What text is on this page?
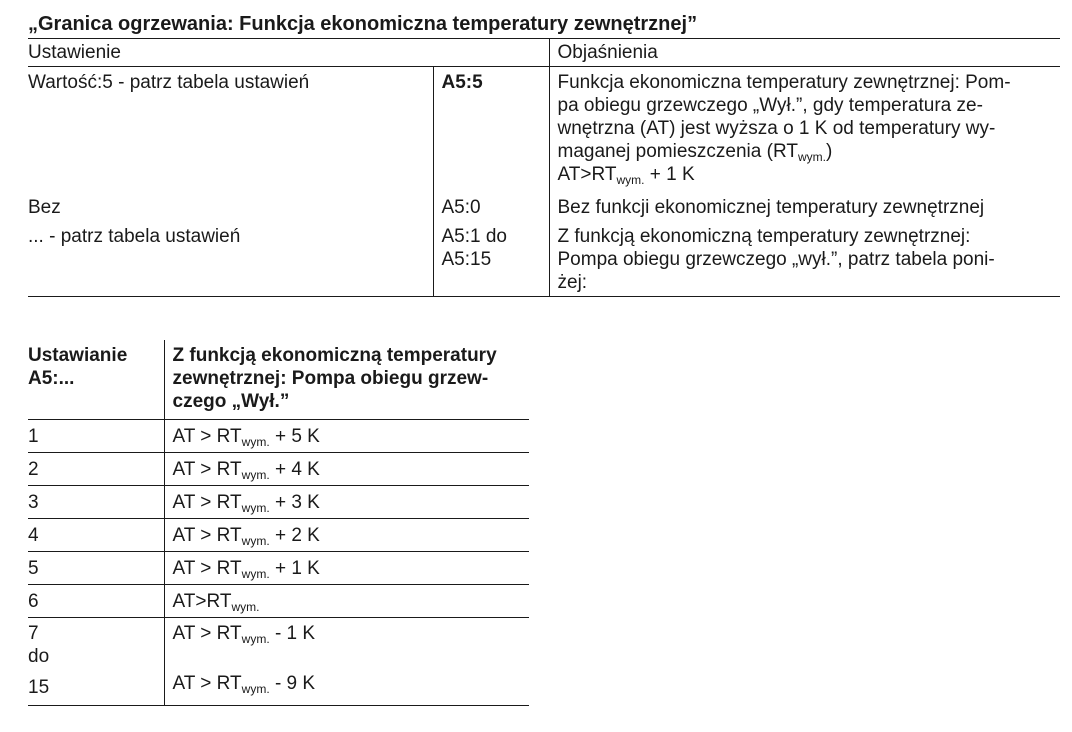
„Granica ogrzewania: Funkcja ekonomiczna temperatury zewnętrznej”
Ustawienie		Objaśnienia
Wartość:5 - patrz tabela ustawień	A5:5	Funkcja ekonomiczna temperatury zewnętrznej: Pom-
pa obiegu grzewczego „Wył.”, gdy temperatura ze-
wnętrzna (AT) jest wyższa o 1 K od temperatury wy-
maganej pomieszczenia $(RT_{wym.})$
$AT>RT_{wym.} + 1$ K

Bez	A5:0	Bez funkcji ekonomicznej temperatury zewnętrznej
... - patrz tabela ustawień	A5:1 do
A5:15	Z funkcją ekonomiczną temperatury zewnętrznej:
Pompa obiegu grzewczego „wył.”, patrz tabela poni-
żej:
Ustawianie
A5:...	Z funkcją ekonomiczną temperatury
zewnętrznej: Pompa obiegu grzew-
czego „Wył.”

1	AT > $RT_{wym.} + 5$ K
2	AT > $RT_{wym.} + 4$ K
3	AT > $RT_{wym.} + 3$ K
4	AT > $RT_{wym.} + 2$ K
5	AT > $RT_{wym.} + 1$ K
6	$AT>RT_{wym.}$

7
do
15	AT > $RT_{wym.} - 1$ K
AT > $RT_{wym.} - 9$ K
